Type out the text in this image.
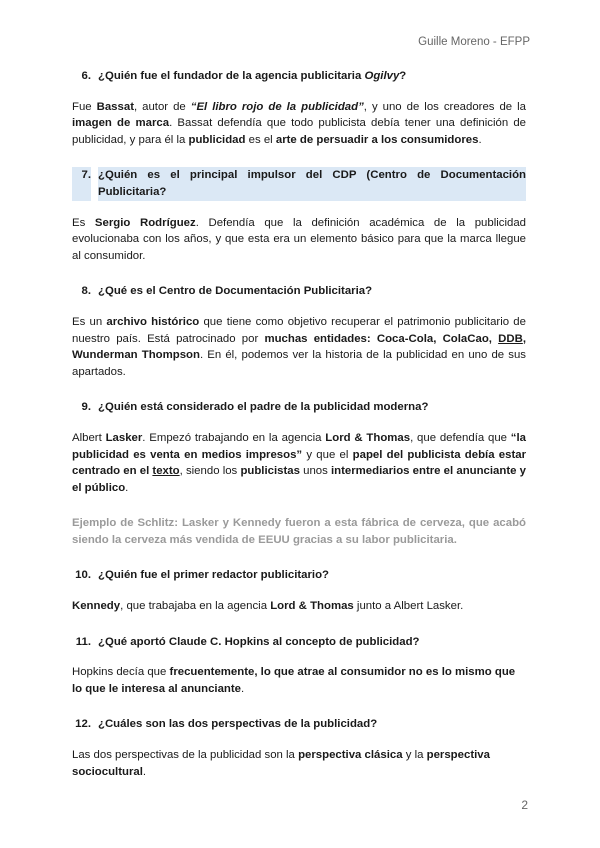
Guille Moreno - EFPP
6. ¿Quién fue el fundador de la agencia publicitaria Ogilvy?

Fue Bassat, autor de “El libro rojo de la publicidad”, y uno de los creadores de la imagen de marca. Bassat defendía que todo publicista debía tener una definición de publicidad, y para él la publicidad es el arte de persuadir a los consumidores.

7. ¿Quién es el principal impulsor del CDP (Centro de Documentación Publicitaria?

Es Sergio Rodríguez. Defendía que la definición académica de la publicidad evolucionaba con los años, y que esta era un elemento básico para que la marca llegue al consumidor.

8. ¿Qué es el Centro de Documentación Publicitaria?

Es un archivo histórico que tiene como objetivo recuperar el patrimonio publicitario de nuestro país. Está patrocinado por muchas entidades: Coca-Cola, ColaCao, DDB, Wunderman Thompson. En él, podemos ver la historia de la publicidad en uno de sus apartados.

9. ¿Quién está considerado el padre de la publicidad moderna?

Albert Lasker. Empezó trabajando en la agencia Lord & Thomas, que defendía que “la publicidad es venta en medios impresos” y que el papel del publicista debía estar centrado en el texto, siendo los publicistas unos intermediarios entre el anunciante y el público.

Ejemplo de Schlitz: Lasker y Kennedy fueron a esta fábrica de cerveza, que acabó siendo la cerveza más vendida de EEUU gracias a su labor publicitaria.

10. ¿Quién fue el primer redactor publicitario?

Kennedy, que trabajaba en la agencia Lord & Thomas junto a Albert Lasker.

11. ¿Qué aportó Claude C. Hopkins al concepto de publicidad?

Hopkins decía que frecuentemente, lo que atrae al consumidor no es lo mismo que lo que le interesa al anunciante.

12. ¿Cuáles son las dos perspectivas de la publicidad?

Las dos perspectivas de la publicidad son la perspectiva clásica y la perspectiva sociocultural.

2
